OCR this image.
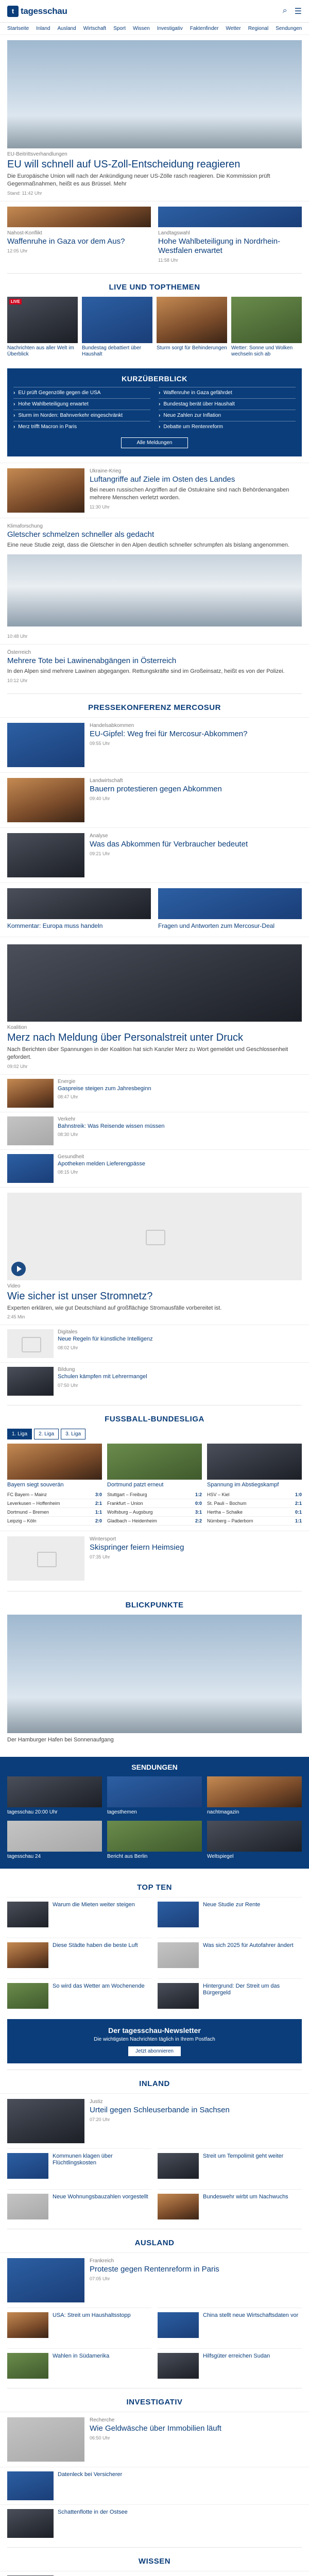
t tagesschau	⌕ ☰
Startseite Inland Ausland Wirtschaft Sport Wissen Investigativ Faktenfinder Wetter Regional Sendungen
EU-Beitrittsverhandlungen
EU will schnell auf US-Zoll-Entscheidung reagieren

Die Europäische Union will nach der Ankündigung neuer US-Zölle rasch reagieren. Die Kommission prüft Gegenmaßnahmen, heißt es aus Brüssel. Mehr

Stand: 11:42 Uhr
Nahost-Konflikt
Waffenruhe in Gaza vor dem Aus?
12:05 Uhr
Landtagswahl
Hohe Wahlbeteiligung in Nordrhein-Westfalen erwartet
11:58 Uhr
LIVE UND TOPTHEMEN
LIVE
Nachrichten aus aller Welt im Überblick
Bundestag debattiert über Haushalt
Sturm sorgt für Behinderungen Wetter: Sonne und Wolken wechseln sich ab
KURZÜBERBLICK
› EU prüft Gegenzölle gegen die USA	› Waffenruhe in Gaza gefährdet
› Hohe Wahlbeteiligung erwartet	› Bundestag berät über Haushalt
› Sturm im Norden: Bahnverkehr eingeschränkt	› Neue Zahlen zur Inflation
› Merz trifft Macron in Paris	› Debatte um Rentenreform
Alle Meldungen
Ukraine-Krieg
Luftangriffe auf Ziele im Osten des Landes

Bei neuen russischen Angriffen auf die Ostukraine sind nach Behördenangaben mehrere Menschen verletzt worden.

11:30 Uhr
Klimaforschung
Gletscher schmelzen schneller als gedacht

Eine neue Studie zeigt, dass die Gletscher in den Alpen deutlich schneller schrumpfen als bislang angenommen.

10:48 Uhr
Österreich
Mehrere Tote bei Lawinenabgängen in Österreich

In den Alpen sind mehrere Lawinen abgegangen. Rettungskräfte sind im Großeinsatz, heißt es von der Polizei.

10:12 Uhr
PRESSEKONFERENZ MERCOSUR
Handelsabkommen
EU-Gipfel: Weg frei für Mercosur-Abkommen?
09:55 Uhr
Landwirtschaft
Bauern protestieren gegen Abkommen
09:40 Uhr
Analyse
Was das Abkommen für Verbraucher bedeutet
09:21 Uhr
Kommentar: Europa muss handeln	Fragen und Antworten zum Mercosur-Deal
Koalition
Merz nach Meldung über Personalstreit unter Druck

Nach Berichten über Spannungen in der Koalition hat sich Kanzler Merz zu Wort gemeldet und Geschlossenheit gefordert.

09:02 Uhr
Energie
Gaspreise steigen zum Jahresbeginn
08:47 Uhr
Verkehr
Bahnstreik: Was Reisende wissen müssen
08:30 Uhr
Gesundheit
Apotheken melden Lieferengpässe
08:15 Uhr
Video
Wie sicher ist unser Stromnetz?

Experten erklären, wie gut Deutschland auf großflächige Stromausfälle vorbereitet ist.

2:45 Min
Digitales
Neue Regeln für künstliche Intelligenz
08:02 Uhr
Bildung
Schulen kämpfen mit Lehrermangel
07:50 Uhr
FUSSBALL-BUNDESLIGA
1. Liga	2. Liga	3. Liga
Bayern siegt souverän
FC Bayern – Mainz	3:0
Leverkusen – Hoffenheim	2:1
Dortmund – Bremen	1:1
Leipzig – Köln	2:0
Dortmund patzt erneut
Stuttgart – Freiburg	1:2
Frankfurt – Union	0:0
Wolfsburg – Augsburg	3:1
Gladbach – Heidenheim	2:2
Spannung im Abstiegskampf
HSV – Kiel	1:0
St. Pauli – Bochum	2:1
Hertha – Schalke	0:1
Nürnberg – Paderborn	1:1
Wintersport
Skispringer feiern Heimsieg
07:35 Uhr
BLICKPUNKTE
Der Hamburger Hafen bei Sonnenaufgang
SENDUNGEN
tagesschau 20:00 Uhr	tagesthemen	nachtmagazin
tagesschau 24	Bericht aus Berlin	Weltspiegel
TOP TEN
Warum die Mieten weiter steigen	Neue Studie zur Rente
Diese Städte haben die beste Luft	Was sich 2025 für Autofahrer ändert
So wird das Wetter am Wochenende	Hintergrund: Der Streit um das Bürgergeld
Der tagesschau-Newsletter
Die wichtigsten Nachrichten täglich in Ihrem Postfach
Jetzt abonnieren
INLAND
Justiz
Urteil gegen Schleuserbande in Sachsen
07:20 Uhr
Kommunen klagen über Flüchtlingskosten
Streit um Tempolimit geht weiter
Neue Wohnungsbauzahlen vorgestellt	Bundeswehr wirbt um Nachwuchs
AUSLAND
Frankreich
Proteste gegen Rentenreform in Paris
07:05 Uhr
USA: Streit um Haushaltsstopp	China stellt neue Wirtschaftsdaten vor
Wahlen in Südamerika	Hilfsgüter erreichen Sudan
INVESTIGATIV
Recherche
Wie Geldwäsche über Immobilien läuft
06:50 Uhr
Datenleck bei Versicherer
Schattenflotte in der Ostsee
WISSEN
